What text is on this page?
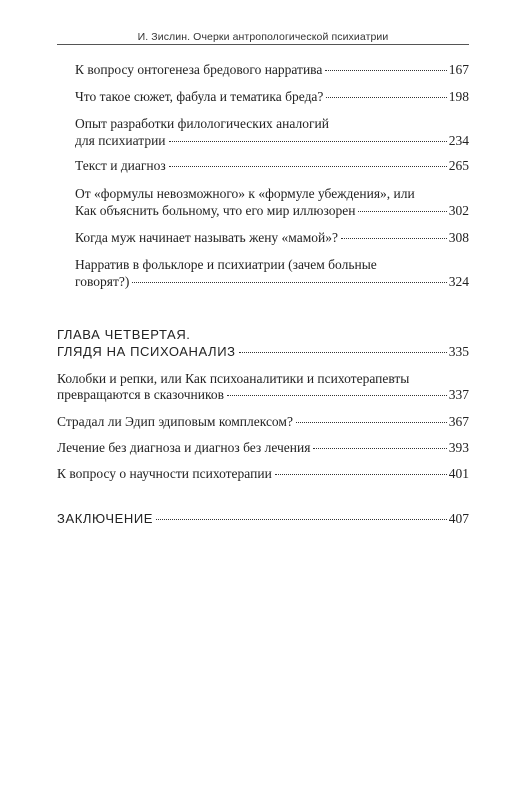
И. Зислин. Очерки антропологической психиатрии
К вопросу онтогенеза бредового нарратива	167
Что такое сюжет, фабула и тематика бреда?	198
Опыт разработки филологических аналогий
для психиатрии	234
Текст и диагноз	265
От «формулы невозможного» к «формуле убеждения», или
Как объяснить больному, что его мир иллюзорен	302
Когда муж начинает называть жену «мамой»?	308
Нарратив в фольклоре и психиатрии (зачем больные
говорят?)	324
ГЛАВА ЧЕТВЕРТАЯ.
ГЛЯДЯ НА ПСИХОАНАЛИЗ	335
Колобки и репки, или Как психоаналитики и психотерапевты
превращаются в сказочников	337
Страдал ли Эдип эдиповым комплексом?	367
Лечение без диагноза и диагноз без лечения	393
К вопросу о научности психотерапии	401
ЗАКЛЮЧЕНИЕ	407
